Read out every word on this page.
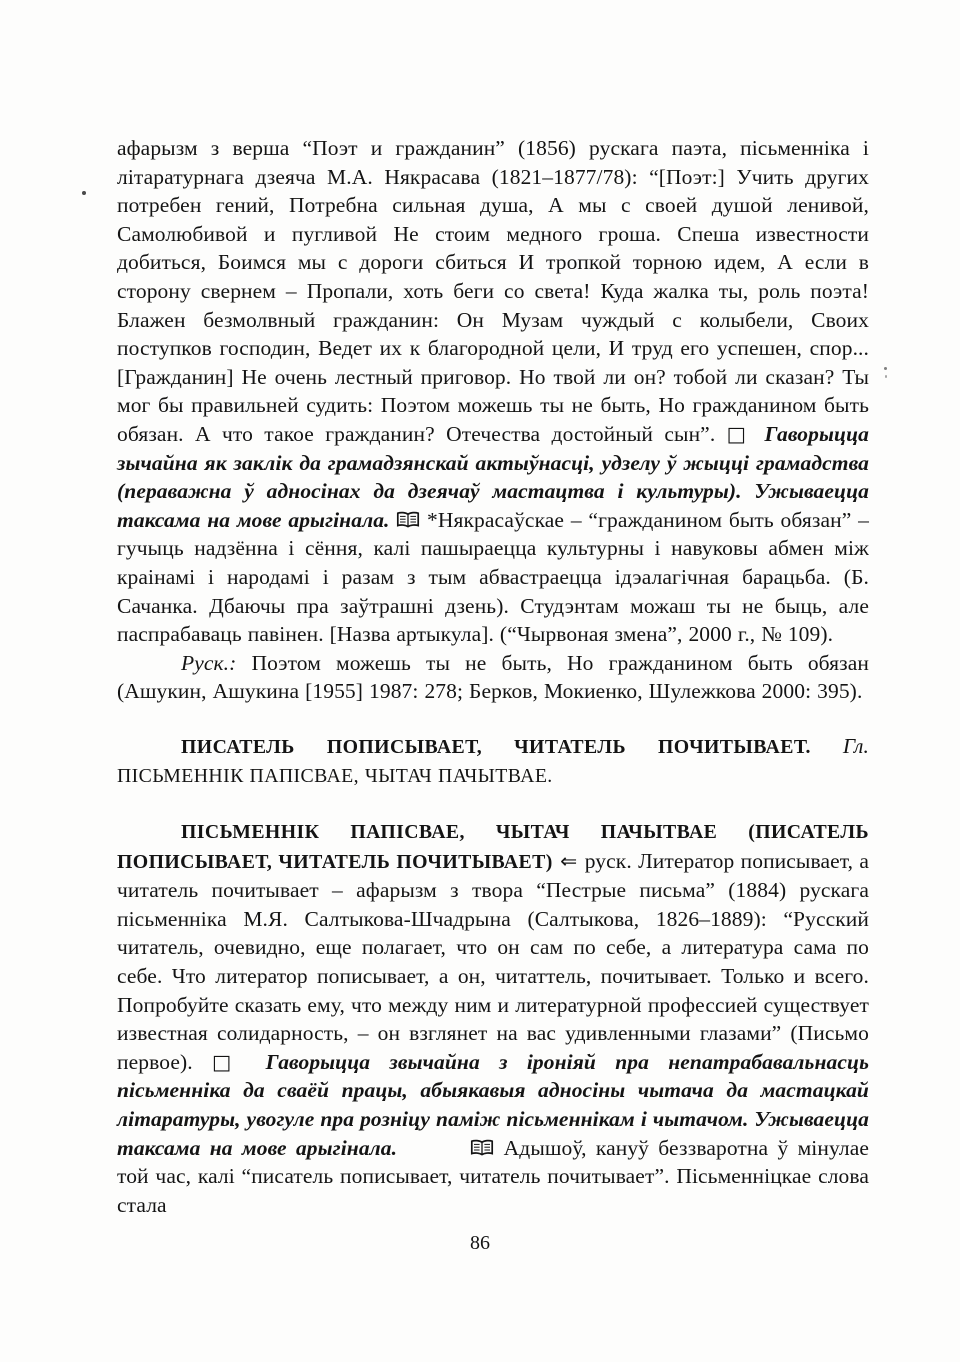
афарызм з верша “Поэт и гражданин” (1856) рускага паэта, пісьменніка і літаратурнага дзеяча М.А. Някрасава (1821–1877/78): “[Поэт:] Учить других потребен гений, Потребна сильная душа, А мы с своей душой ленивой, Самолюбивой и пугливой Не стоим медного гроша. Спеша известности добиться, Боимся мы с дороги сбиться И тропкой торною идем, А если в сторону свернем – Пропали, хоть беги со света! Куда жалка ты, роль поэта! Блажен безмолвный гражданин: Он Музам чуждый с колыбели, Своих поступков господин, Ведет их к благородной цели, И труд его успешен, спор... [Гражданин] Не очень лестный приговор. Но твой ли он? тобой ли сказан? Ты мог бы правильней судить: Поэтом можешь ты не быть, Но гражданином быть обязан. А что такое гражданин? Отечества достойный сын”. □ Гаворыцца зычайна як заклік да грамадзянскай актыўнасці, удзелу ў жыцці грамадства (пераважна ў адносінах да дзеячаў мастацтва і культуры). Ужываецца таксама на мове арыгінала.  *Някрасаўскае – “гражданином быть обязан” – гучыць надзённа і сёння, калі пашыраецца культурны і навуковы абмен між краінамі і народамі і разам з тым абвастраецца ідэалагічная барацьба. (Б. Сачанка. Дбаючы пра заўтрашні дзень). Студэнтам можаш ты не быць, але паспрабаваць павінен. [Назва артыкула]. (“Чырвоная змена”, 2000 г., № 109).
Руск.: Поэтом можешь ты не быть, Но гражданином быть обязан (Ашукин, Ашукина [1955] 1987: 278; Берков, Мокиенко, Шулежкова 2000: 395).
ПИСАТЕЛЬ ПОПИСЫВАЕТ, ЧИТАТЕЛЬ ПОЧИТЫВАЕТ. Гл. ПІСЬМЕННІК ПАПІСВАЕ, ЧЫТАЧ ПАЧЫТВАЕ.
ПІСЬМЕННІК ПАПІСВАЕ, ЧЫТАЧ ПАЧЫТВАЕ (ПИСАТЕЛЬ ПОПИСЫВАЕТ, ЧИТАТЕЛЬ ПОЧИТЫВАЕТ) ⇐ руск. Литератор пописывает, а читатель почитывает – афарызм з твора “Пестрые письма” (1884) рускага пісьменніка М.Я. Салтыкова-Шчадрына (Салтыкова, 1826–1889): “Русский читатель, очевидно, еще полагает, что он сам по себе, а литература сама по себе. Что литератор пописывает, а он, читаттель, почитывает. Только и всего. Попробуйте сказать ему, что между ним и литературной профессией существует известная солидарность, – он взглянет на вас удивленными глазами” (Письмо первое). □ Гаворыцца звычайна з іроніяй пра непатрабавальнасць пісьменніка да сваёй працы, абыякавыя адносіны чытача да мастацкай літаратуры, увогуле пра розніцу паміж пісьменнікам і чытачом. Ужываецца таксама на мове арыгінала.	Адышоў, кануў беззваротна ў мінулае той час, калі “писатель пописывает, читатель почитывает”. Пісьменніцкае слова стала
86
